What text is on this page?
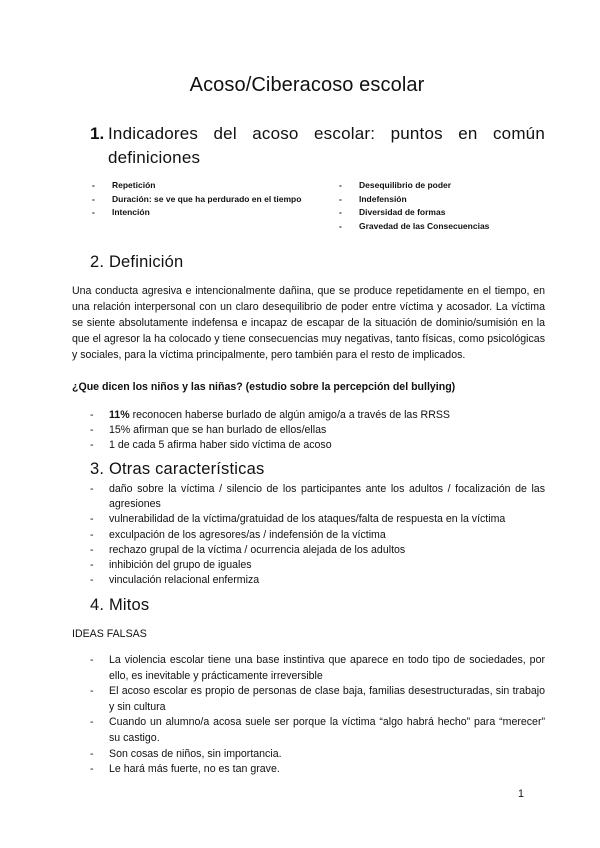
Acoso/Ciberacoso escolar
1. Indicadores del acoso escolar: puntos en común definiciones
-	Repetición
-	Duración: se ve que ha perdurado en el tiempo
-	Intención
-	Desequilibrio de poder
-	Indefensión
-	Diversidad de formas
-	Gravedad de las Consecuencias
2. Definición

Una conducta agresiva e intencionalmente dañina, que se produce repetidamente en el tiempo, en una relación interpersonal con un claro desequilibrio de poder entre víctima y acosador. La víctima se siente absolutamente indefensa e incapaz de escapar de la situación de dominio/sumisión en la que el agresor la ha colocado y tiene consecuencias muy negativas, tanto físicas, como psicológicas y sociales, para la víctima principalmente, pero también para el resto de implicados.

¿Que dicen los niños y las niñas? (estudio sobre la percepción del bullying)

-	11% reconocen haberse burlado de algún amigo/a a través de las RRSS
-	15% afirman que se han burlado de ellos/ellas
-	1 de cada 5 afirma haber sido víctima de acoso
3. Otras características
-	daño sobre la víctima / silencio de los participantes ante los adultos / focalización de las agresiones
-	vulnerabilidad de la víctima/gratuidad de los ataques/falta de respuesta en la víctima
-	exculpación de los agresores/as / indefensión de la víctima
-	rechazo grupal de la víctima / ocurrencia alejada de los adultos
-	inhibición del grupo de iguales
-	vinculación relacional enfermiza
4. Mitos

IDEAS FALSAS

-	La violencia escolar tiene una base instintiva que aparece en todo tipo de sociedades, por ello, es inevitable y prácticamente irreversible
-	El acoso escolar es propio de personas de clase baja, familias desestructuradas, sin trabajo y sin cultura
-	Cuando un alumno/a acosa suele ser porque la víctima “algo habrá hecho” para “merecer” su castigo.
-	Son cosas de niños, sin importancia.
-	Le hará más fuerte, no es tan grave.
1
